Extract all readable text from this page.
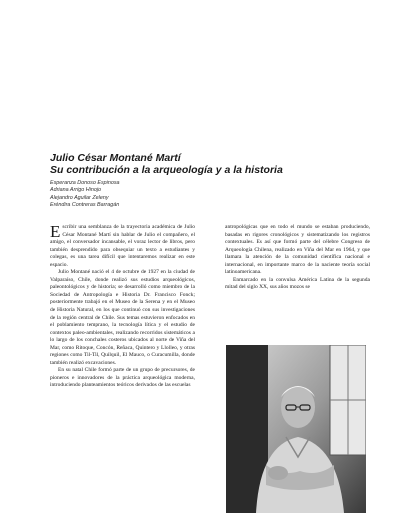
Julio César Montané Martí
Su contribución a la arqueología y a la historia
Esperanza Donoso Espinosa
Adriana Arrigo Hinojo
Alejandro Aguilar Zeleny
Eréndira Contreras Barragán

Escribir una semblanza de la trayectoria académica de Julio César Montané Martí sin hablar de Julio el compañero, el amigo, el conversador incansable, el voraz lector de libros, pero también desprendido para obsequiar un texto a estudiantes y colegas, es una tarea difícil que intentaremos realizar en este espacio.

Julio Montané nació el 4 de octubre de 1927 en la ciudad de Valparaíso, Chile, donde realizó sus estudios arqueológicos, paleontológicos y de historia; se desarrolló como miembro de la Sociedad de Antropología e Historia Dr. Francisco Fonck; posteriormente trabajó en el Museo de la Serena y en el Museo de Historia Natural, en los que continuó con sus investigaciones de la región central de Chile. Sus temas estuvieron enfocados en el poblamiento temprano, la tecnología lítica y el estudio de contextos paleo-ambientales, realizando recorridos sistemáticos a lo largo de los conchales costeros ubicados al norte de Viña del Mar, como Ritoque, Concón, Reñaca, Quintero y Llolleo, y otras regiones como Til-Til, Quilquil, El Mauco, o Curacumilla, donde también realizó excavaciones.

En su natal Chile formó parte de un grupo de precursores, de pioneros e innovadores de la práctica arqueológica moderna, introduciendo planteamientos teóricos derivados de las escuelas

antropológicas que en todo el mundo se estaban produciendo, basadas en rigores cronológicos y sistematizando los registros contextuales. Es así que formó parte del célebre Congreso de Arqueología Chilena, realizado en Viña del Mar en 1964, y que llamara la atención de la comunidad científica nacional e internacional, en importante marco de la naciente teoría social latinoamericana.

Enmarcado en la convulsa América Latina de la segunda mitad del siglo XX, sus años mozos se
